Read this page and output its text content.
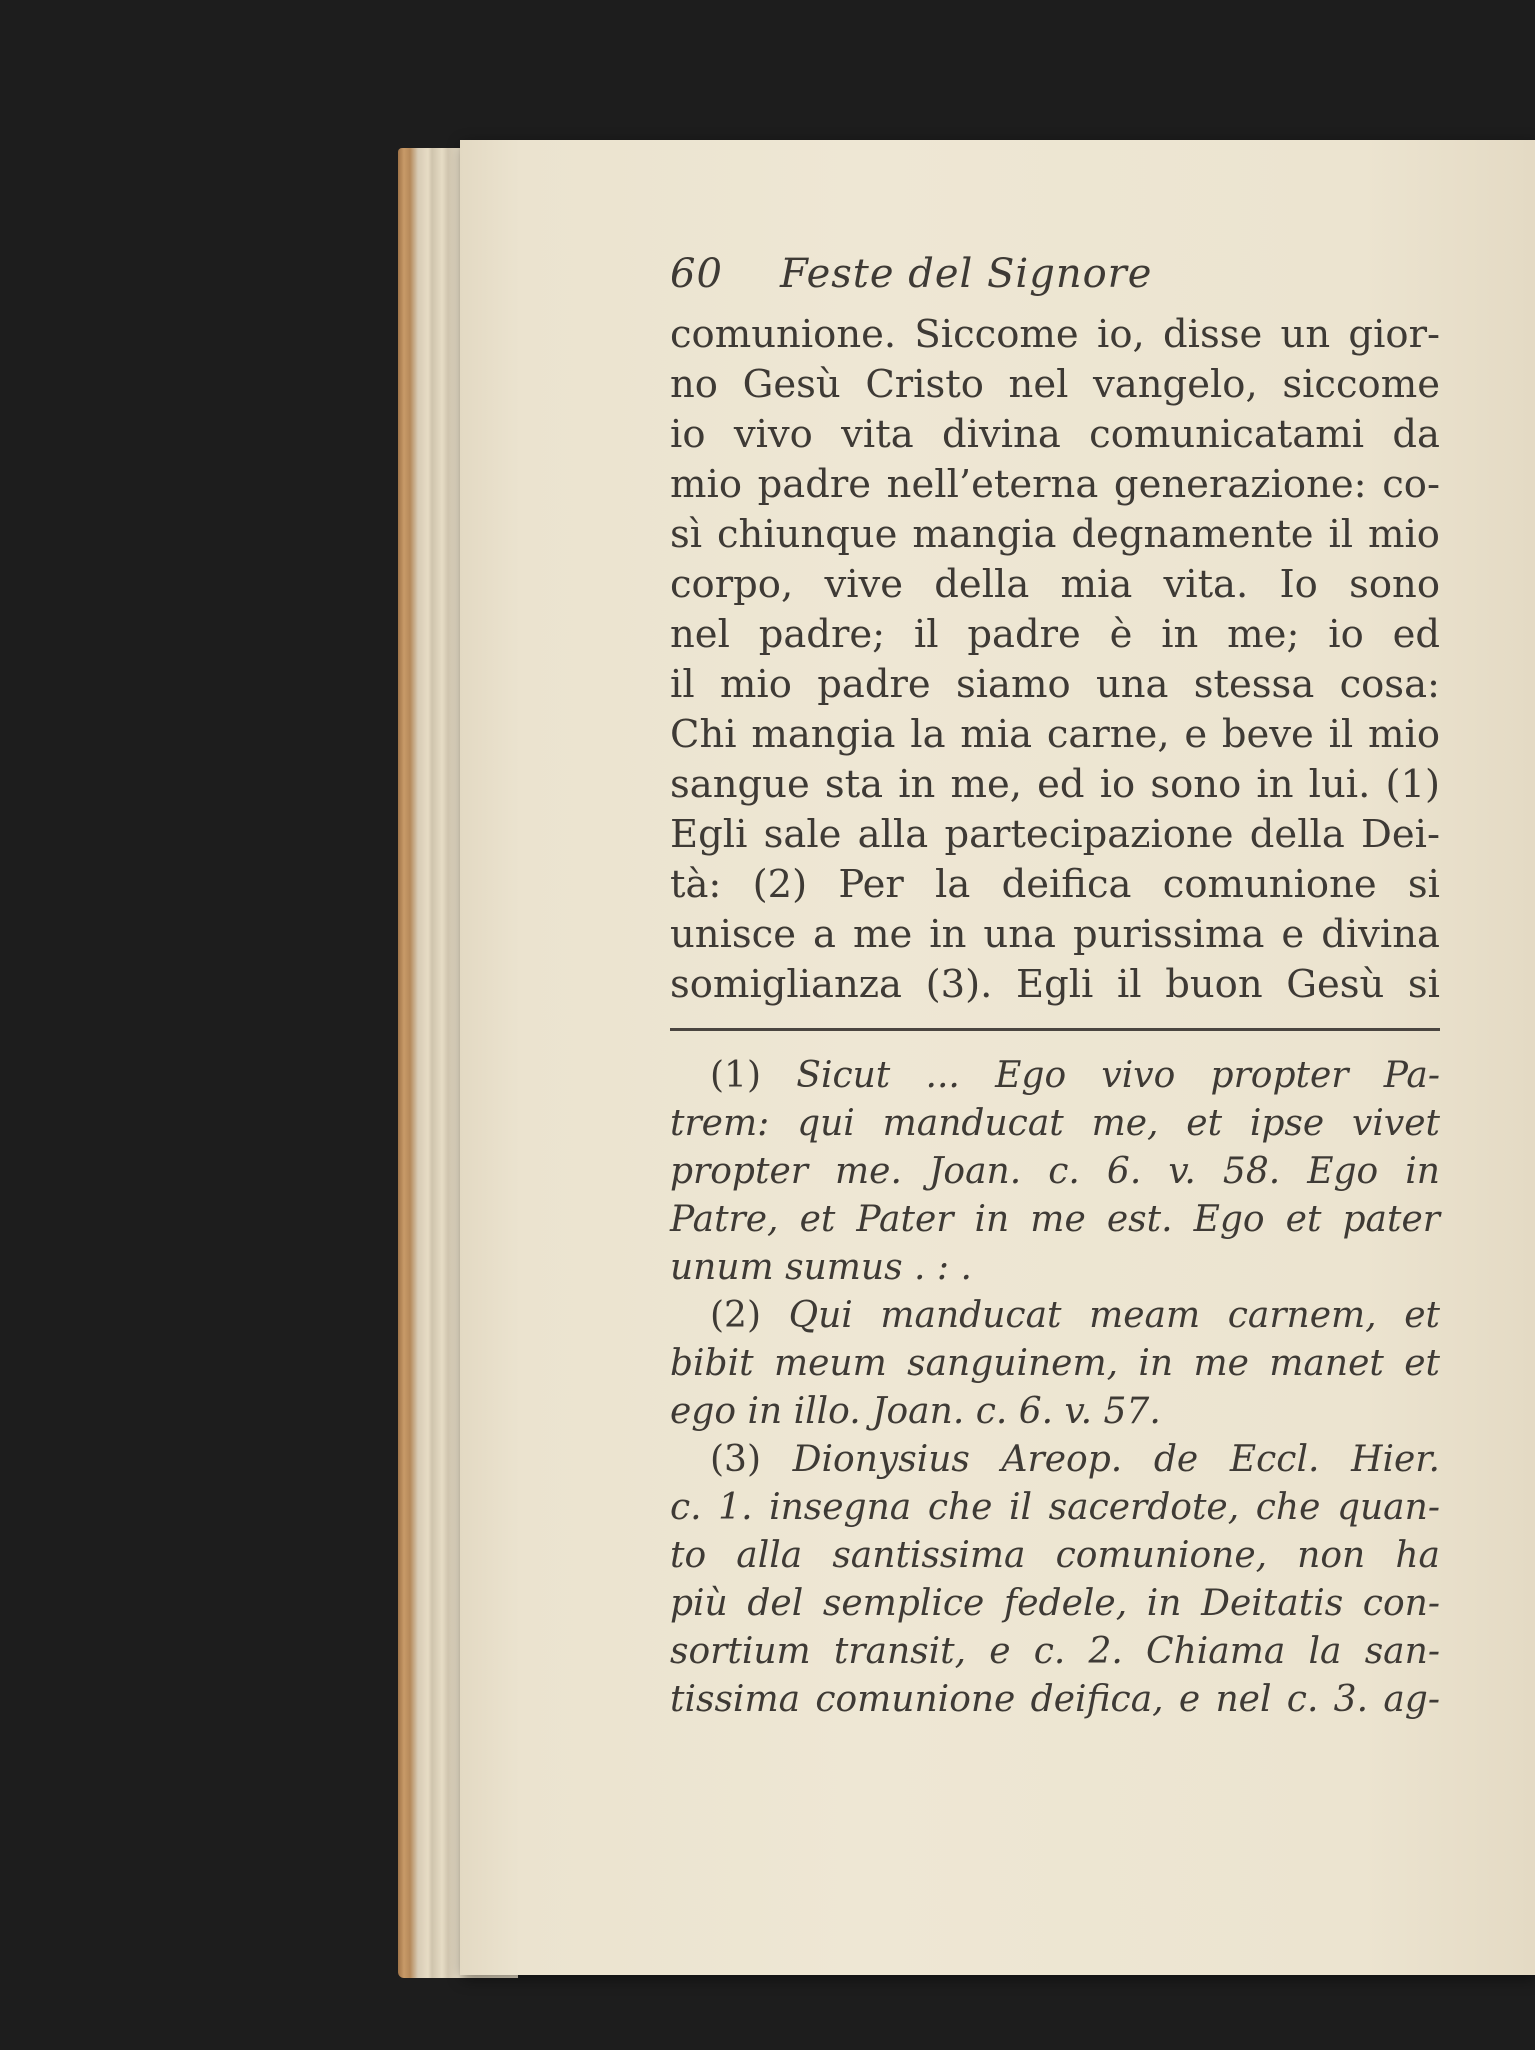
60 Feste del Signore
comunione. Siccome io, disse un gior-
no Gesù Cristo nel vangelo, siccome
io vivo vita divina comunicatami da
mio padre nell’eterna generazione: co-
sì chiunque mangia degnamente il mio
corpo, vive della mia vita. Io sono
nel padre; il padre è in me; io ed
il mio padre siamo una stessa cosa:
Chi mangia la mia carne, e beve il mio
sangue sta in me, ed io sono in lui. (1)
Egli sale alla partecipazione della Dei-
tà: (2) Per la deifica comunione si
unisce a me in una purissima e divina
somiglianza (3). Egli il buon Gesù si
(1) Sicut ... Ego vivo propter Pa-
trem: qui manducat me, et ipse vivet
propter me. Joan. c. 6. v. 58. Ego in
Patre, et Pater in me est. Ego et pater
unum sumus . : .
(2) Qui manducat meam carnem, et
bibit meum sanguinem, in me manet et
ego in illo. Joan. c. 6. v. 57.
(3) Dionysius Areop. de Eccl. Hier.
c. 1. insegna che il sacerdote, che quan-
to alla santissima comunione, non ha
più del semplice fedele, in Deitatis con-
sortium transit, e c. 2. Chiama la san-
tissima comunione deifica, e nel c. 3. ag-
